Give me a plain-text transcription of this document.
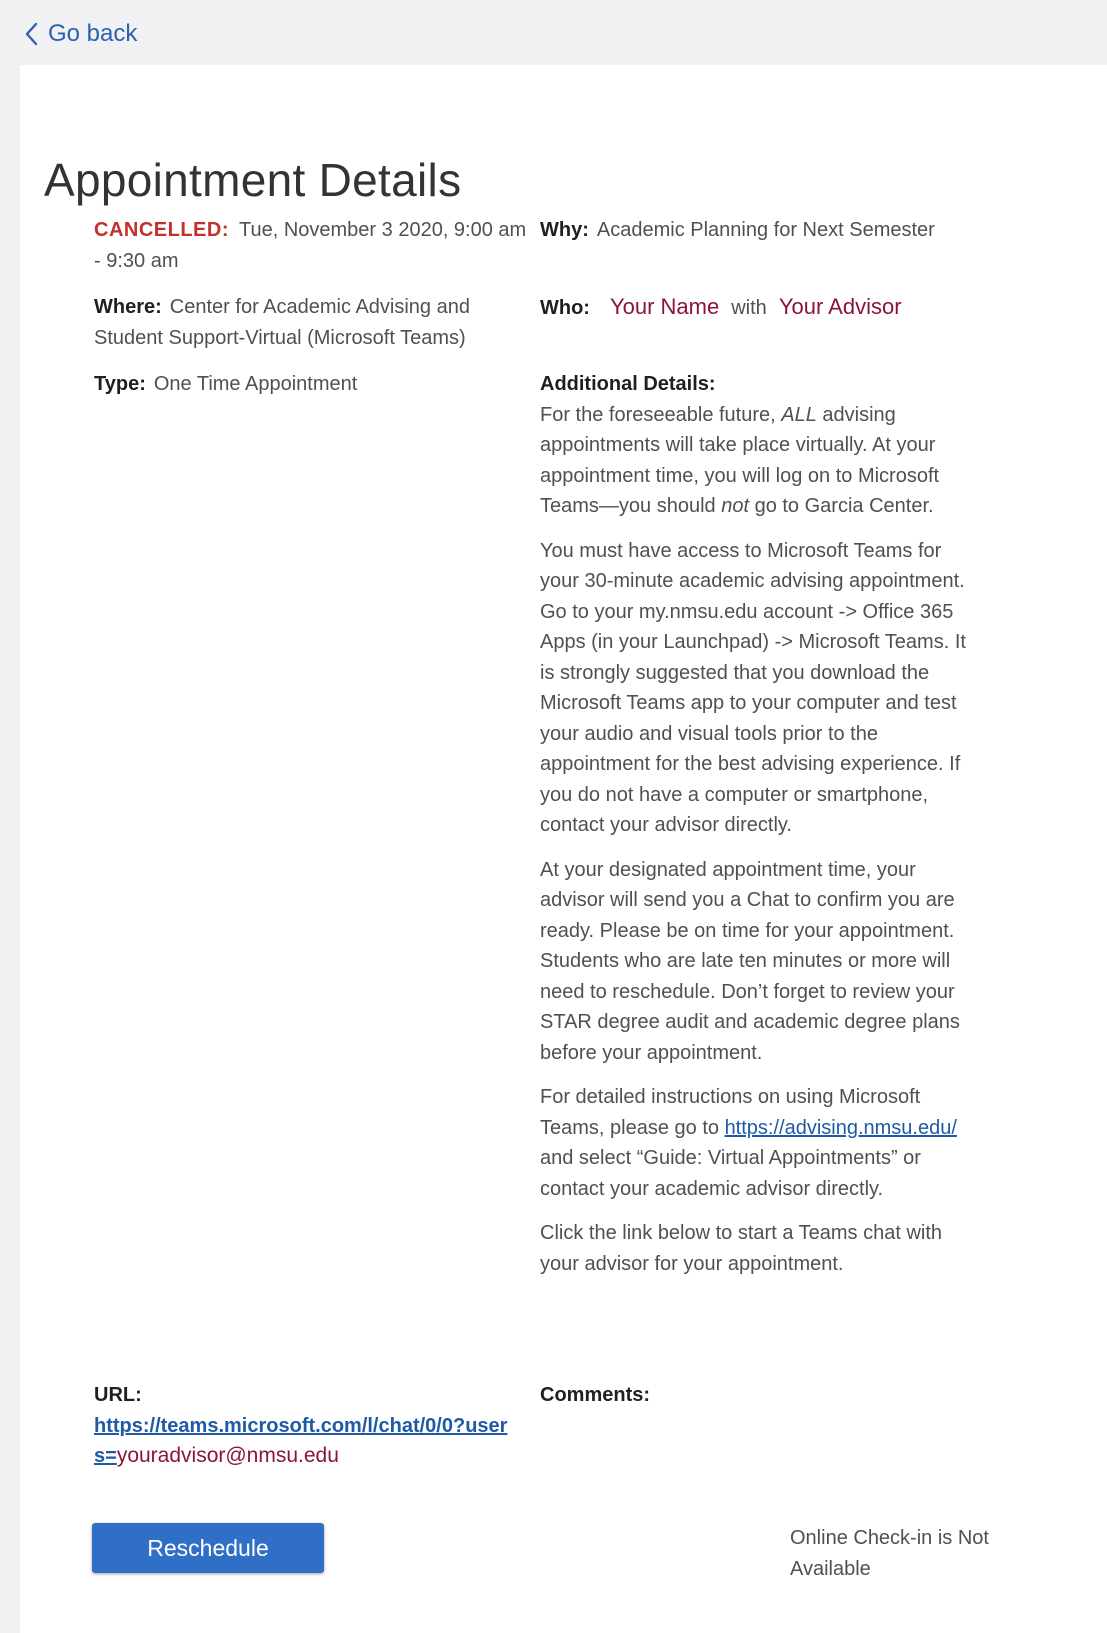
Go back
Appointment Details
CANCELLED: Tue, November 3 2020, 9:00 am - 9:30 am
Where: Center for Academic Advising and Student Support-Virtual (Microsoft Teams)
Type: One Time Appointment
Why: Academic Planning for Next Semester
Who: Your Name with Your Advisor
Additional Details:

For the foreseeable future, ALL advising appointments will take place virtually. At your appointment time, you will log on to Microsoft Teams—you should not go to Garcia Center.

You must have access to Microsoft Teams for your 30-minute academic advising appointment. Go to your my.nmsu.edu account -> Office 365 Apps (in your Launchpad) -> Microsoft Teams. It is strongly suggested that you download the Microsoft Teams app to your computer and test your audio and visual tools prior to the appointment for the best advising experience. If you do not have a computer or smartphone, contact your advisor directly.

At your designated appointment time, your advisor will send you a Chat to confirm you are ready. Please be on time for your appointment. Students who are late ten minutes or more will need to reschedule. Don’t forget to review your STAR degree audit and academic degree plans before your appointment.

For detailed instructions on using Microsoft Teams, please go to https://advising.nmsu.edu/ and select “Guide: Virtual Appointments” or contact your academic advisor directly.

Click the link below to start a Teams chat with your advisor for your appointment.

URL:
https://teams.microsoft.com/l/chat/0/0?users=youradvisor@nmsu.edu
Comments:
Reschedule	Online Check-in is Not Available
